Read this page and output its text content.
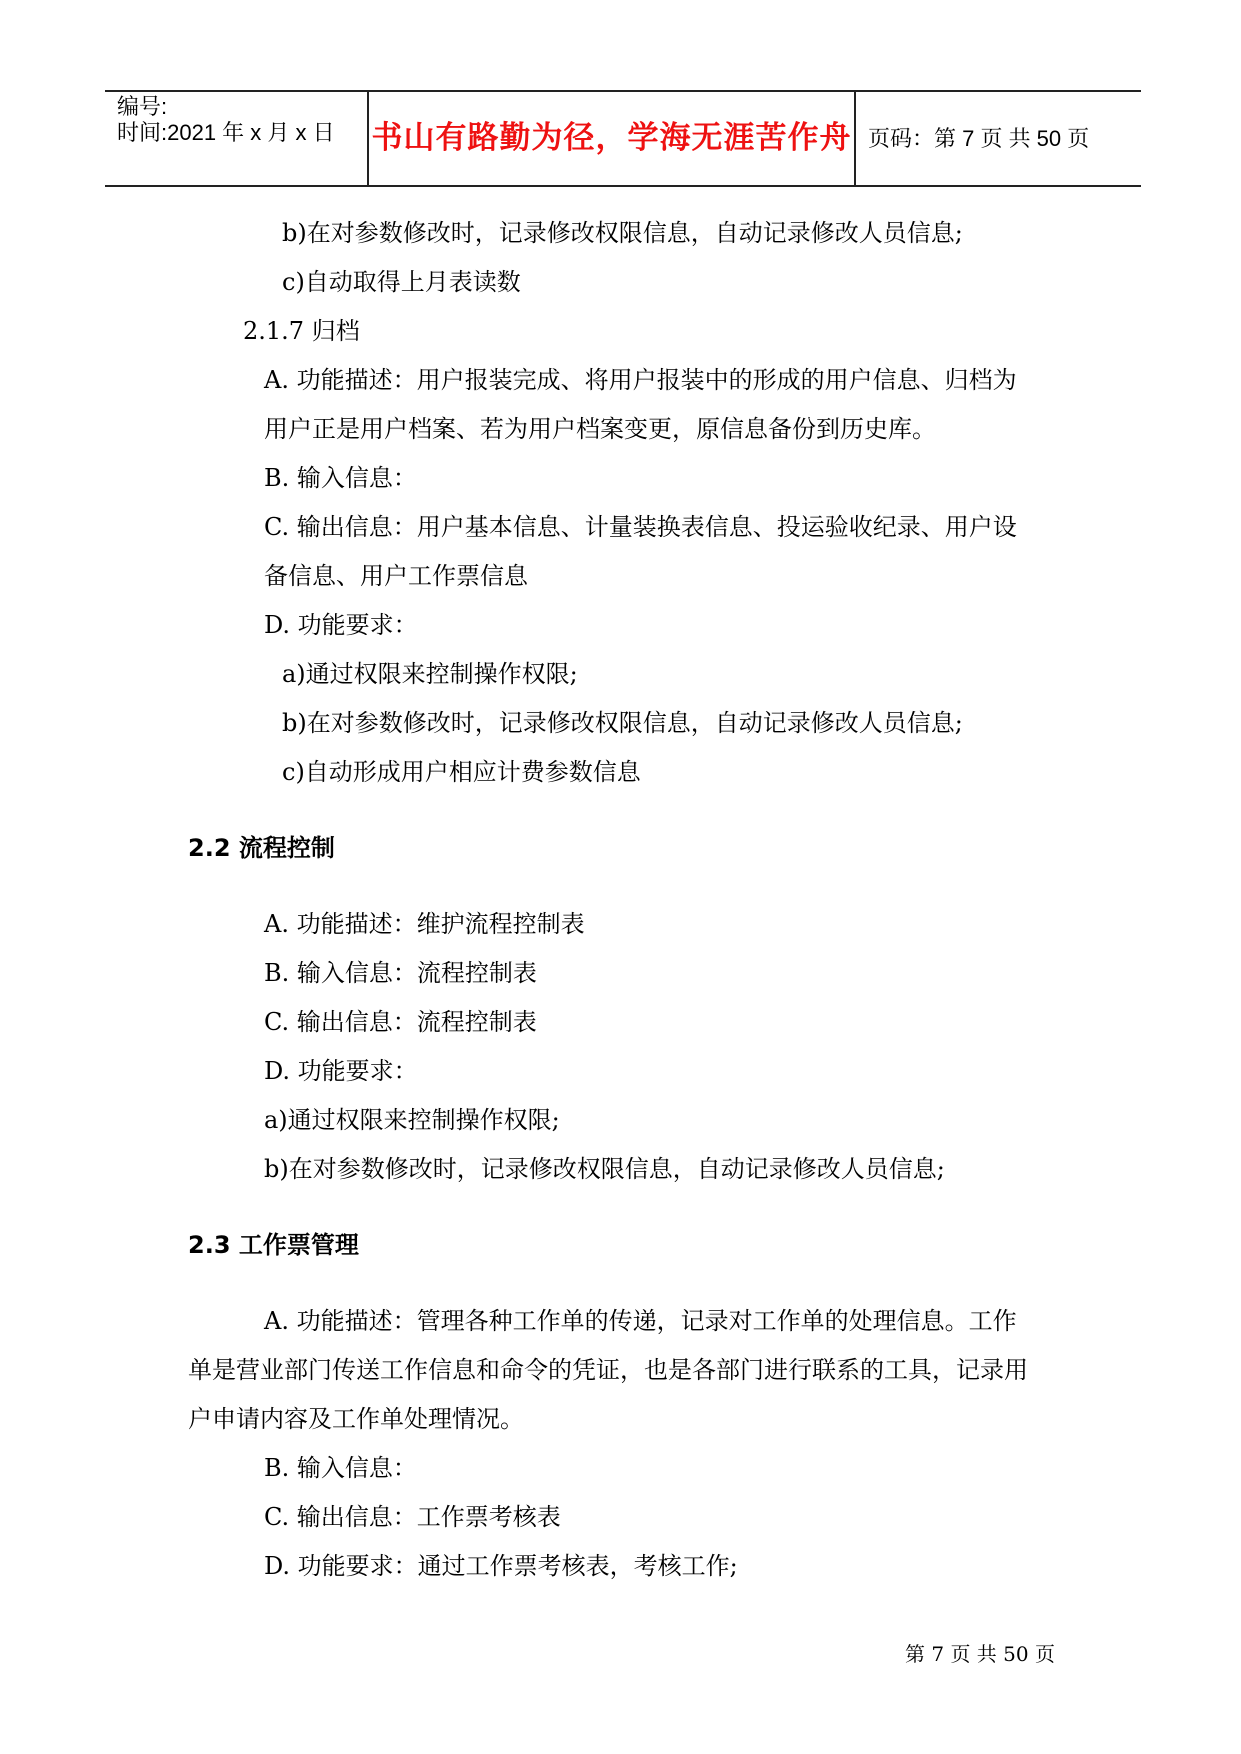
编号:
时间:2021 年 x 月 x 日 书山有路勤为径，学海无涯苦作舟 页码：第 7 页 共 50 页
b)在对参数修改时，记录修改权限信息，自动记录修改人员信息;
c)自动取得上月表读数
2.1.7 归档
A. 功能描述：用户报装完成、将用户报装中的形成的用户信息、归档为
用户正是用户档案、若为用户档案变更，原信息备份到历史库。
B. 输入信息：
C. 输出信息：用户基本信息、计量装换表信息、投运验收纪录、用户设
备信息、用户工作票信息
D. 功能要求：
a)通过权限来控制操作权限;
b)在对参数修改时，记录修改权限信息，自动记录修改人员信息;
c)自动形成用户相应计费参数信息
2.2 流程控制
A. 功能描述：维护流程控制表
B. 输入信息：流程控制表
C. 输出信息：流程控制表
D. 功能要求：
a)通过权限来控制操作权限;
b)在对参数修改时，记录修改权限信息，自动记录修改人员信息;
2.3 工作票管理
A. 功能描述：管理各种工作单的传递，记录对工作单的处理信息。工作
单是营业部门传送工作信息和命令的凭证，也是各部门进行联系的工具，记录用
户申请内容及工作单处理情况。
B. 输入信息：
C. 输出信息：工作票考核表
D. 功能要求：通过工作票考核表，考核工作;
第 7 页 共 50 页
